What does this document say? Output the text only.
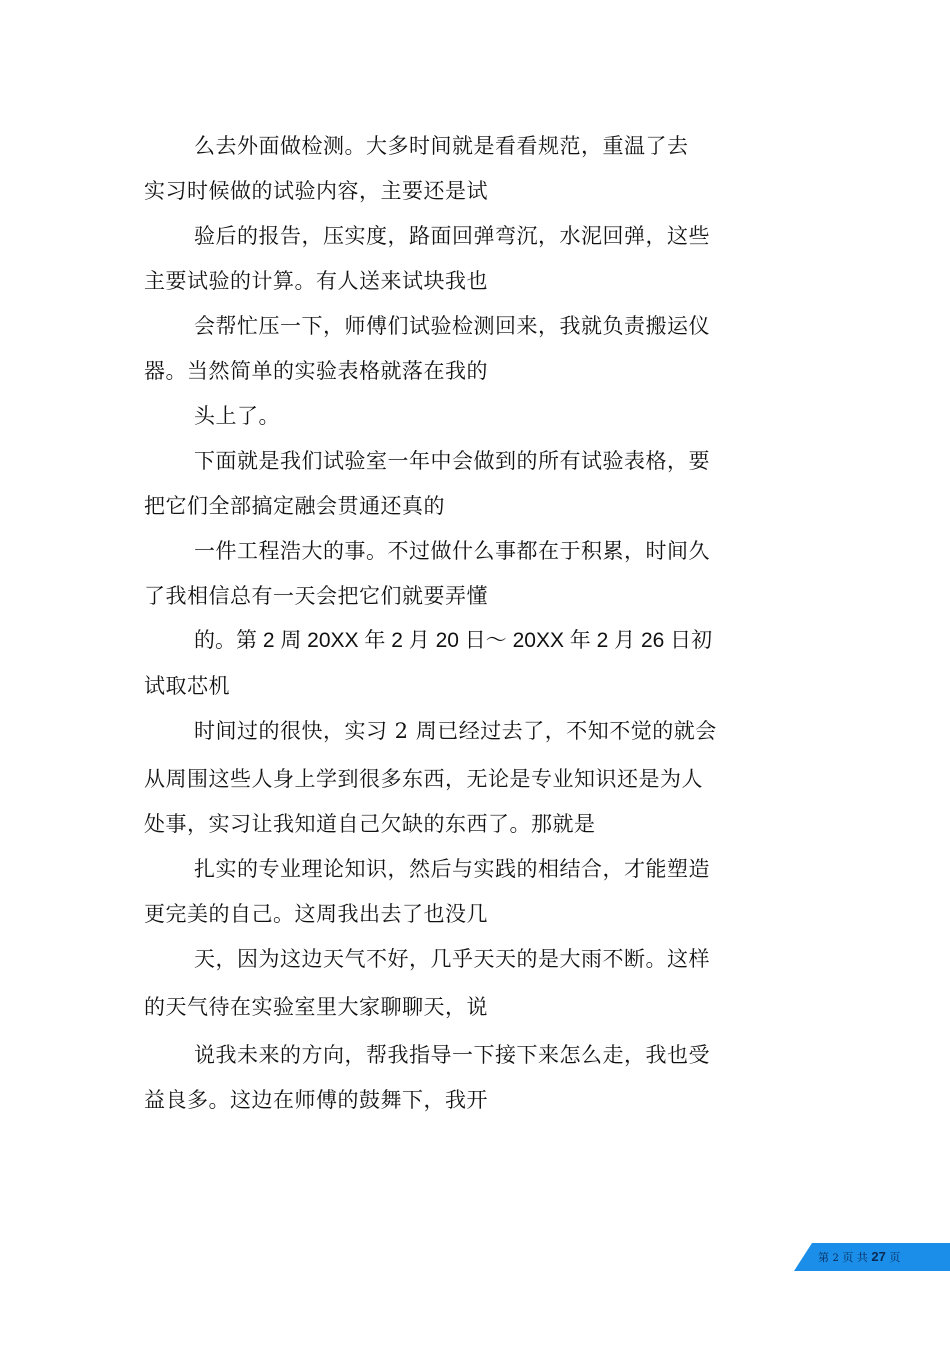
么去外面做检测。大多时间就是看看规范，重温了去
实习时候做的试验内容，主要还是试
验后的报告，压实度，路面回弹弯沉，水泥回弹，这些
主要试验的计算。有人送来试块我也
会帮忙压一下，师傅们试验检测回来，我就负责搬运仪
器。当然简单的实验表格就落在我的
头上了。
下面就是我们试验室一年中会做到的所有试验表格，要
把它们全部搞定融会贯通还真的
一件工程浩大的事。不过做什么事都在于积累，时间久
了我相信总有一天会把它们就要弄懂
的。第 2 周 20XX 年 2 月 20 日～ 20XX 年 2 月 26 日初
试取芯机
时间过的很快，实习 2 周已经过去了，不知不觉的就会
从周围这些人身上学到很多东西，无论是专业知识还是为人
处事，实习让我知道自己欠缺的东西了。那就是
扎实的专业理论知识，然后与实践的相结合，才能塑造
更完美的自己。这周我出去了也没几
天，因为这边天气不好，几乎天天的是大雨不断。这样
的天气待在实验室里大家聊聊天，说
说我未来的方向，帮我指导一下接下来怎么走，我也受
益良多。这边在师傅的鼓舞下，我开
第 2 页 共 27 页
